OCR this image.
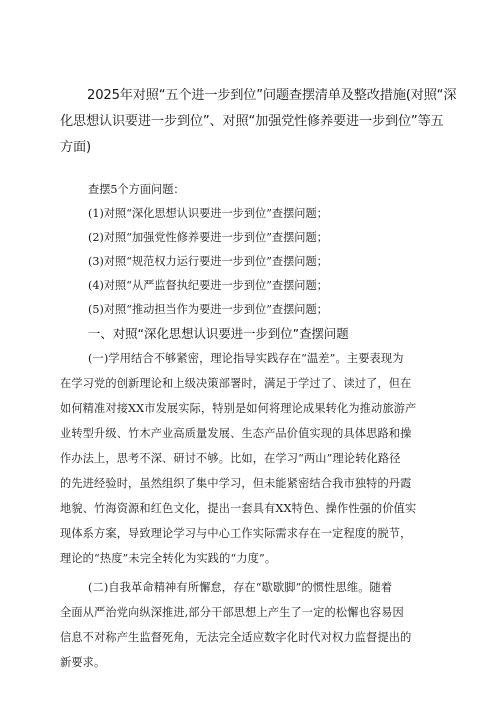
2025年对照“五个进一步到位”问题查摆清单及整改措施(对照“深
化思想认识要进一步到位”、对照“加强党性修养要进一步到位”等五
方面)

查摆5个方面问题：

(1)对照“深化思想认识要进一步到位”查摆问题；

(2)对照“加强党性修养要进一步到位”查摆问题；

(3)对照“规范权力运行要进一步到位”查摆问题；

(4)对照“从严监督执纪要进一步到位”查摆问题；

(5)对照“推动担当作为要进一步到位”查摆问题；

一、对照“深化思想认识要进一步到位”查摆问题

(一)学用结合不够紧密，理论指导实践存在“温差”。主要表现为

在学习党的创新理论和上级决策部署时，满足于学过了、读过了，但在

如何精准对接XX市发展实际，特别是如何将理论成果转化为推动旅游产

业转型升级、竹木产业高质量发展、生态产品价值实现的具体思路和操

作办法上，思考不深、研讨不够。比如，在学习“两山”理论转化路径

的先进经验时，虽然组织了集中学习，但未能紧密结合我市独特的丹霞

地貌、竹海资源和红色文化，提出一套具有XX特色、操作性强的价值实

现体系方案，导致理论学习与中心工作实际需求存在一定程度的脱节，

理论的“热度”未完全转化为实践的“力度”。

(二)自我革命精神有所懈怠，存在“歇歇脚”的惯性思维。随着

全面从严治党向纵深推进,部分干部思想上产生了一定的松懈也容易因

信息不对称产生监督死角，无法完全适应数字化时代对权力监督提出的

新要求。
